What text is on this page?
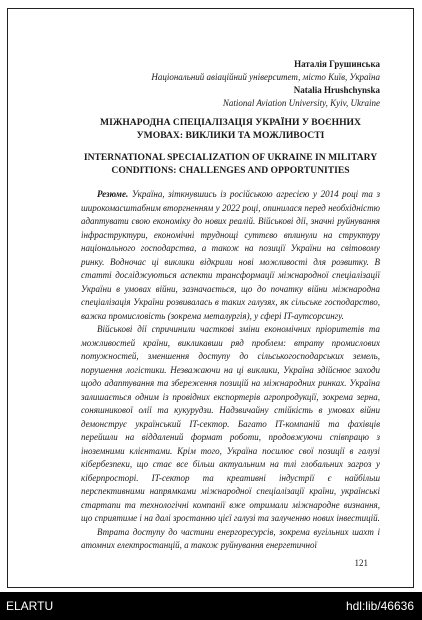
Наталія Грушинська
Національний авіаційний університет, місто Київ, Україна
Natalia Hrushchynska
National Aviation University, Kyiv, Ukraine
МІЖНАРОДНА СПЕЦІАЛІЗАЦІЯ УКРАЇНИ У ВОЄННИХ УМОВАХ: ВИКЛИКИ ТА МОЖЛИВОСТІ
INTERNATIONAL SPECIALIZATION OF UKRAINE IN MILITARY CONDITIONS: CHALLENGES AND OPPORTUNITIES

Резюме. Україна, зіткнувшись із російською агресією у 2014 році та з широкомасштабним вторгненням у 2022 році, опинилася перед необхідністю адаптувати свою економіку до нових реалій. Військові дії, значні руйнування інфраструктури, економічні труднощі суттєво вплинули на структуру національного господарства, а також на позиції України на світовому ринку. Водночас ці виклики відкрили нові можливості для розвитку. В статті досліджуються аспекти трансформації міжнародної спеціалізації України в умовах війни, зазначається, що до початку війни міжнародна спеціалізація України розвивалась в таких галузях, як сільське господарство, важка промисловість (зокрема металургія), у сфері IT-аутсорсингу.

Військові дії спричинили часткові зміни економічних пріоритетів та можливостей країни, викликавши ряд проблем: втрату промислових потужностей, зменшення доступу до сільськогосподарських земель, порушення логістики. Незважаючи на ці виклики, Україна здійснює заходи щодо адаптування та збереження позицій на міжнародних ринках. Україна залишається одним із провідних експортерів агропродукції, зокрема зерна, соняшникової олії та кукурудзи. Надзвичайну стійкість в умовах війни демонструє український IT-сектор. Багато IT-компаній та фахівців перейшли на віддалений формат роботи, продовжуючи співпрацю з іноземними клієнтами. Крім того, Україна посилює свої позиції в галузі кібербезпеки, що стає все більш актуальним на тлі глобальних загроз у кіберпросторі. IT-сектор та креативні індустрії є найбільш перспективними напрямками міжнародної спеціалізації країни, українські стартапи та технологічні компанії вже отримали міжнародне визнання, що сприятиме і на далі зростанню цієї галузі та залученню нових інвестицій.

Втрата доступу до частини енергоресурсів, зокрема вугільних шахт і атомних електростанцій, а також руйнування енергетичної

121
ELARTU	hdl:lib/46636
